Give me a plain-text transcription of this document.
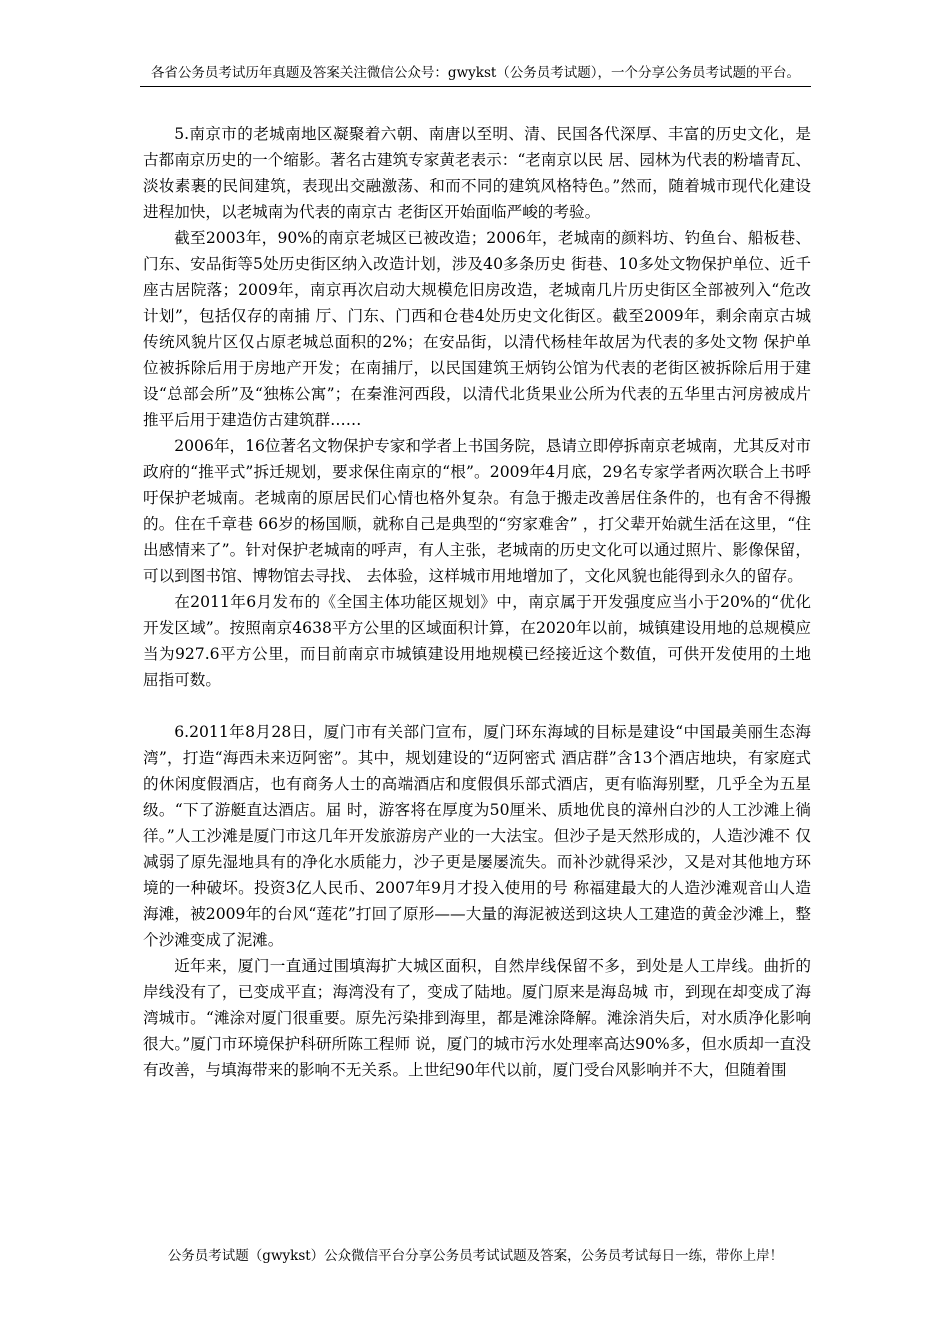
各省公务员考试历年真题及答案关注微信公众号：gwykst（公务员考试题），一个分享公务员考试题的平台。

5.南京市的老城南地区凝聚着六朝、南唐以至明、清、民国各代深厚、丰富的历史文化，是古都南京历史的一个缩影。著名古建筑专家黄老表示：“老南京以民 居、园林为代表的粉墙青瓦、淡妆素裹的民间建筑，表现出交融激荡、和而不同的建筑风格特色。”然而，随着城市现代化建设进程加快，以老城南为代表的南京古 老街区开始面临严峻的考验。

截至2003年，90%的南京老城区已被改造；2006年，老城南的颜料坊、钓鱼台、船板巷、门东、安品街等5处历史街区纳入改造计划，涉及40多条历史 街巷、10多处文物保护单位、近千座古居院落；2009年，南京再次启动大规模危旧房改造，老城南几片历史街区全部被列入“危改计划”，包括仅存的南捕 厅、门东、门西和仓巷4处历史文化街区。截至2009年，剩余南京古城传统风貌片区仅占原老城总面积的2%；在安品街，以清代杨桂年故居为代表的多处文物 保护单位被拆除后用于房地产开发；在南捕厅，以民国建筑王炳钧公馆为代表的老街区被拆除后用于建设“总部会所”及“独栋公寓”；在秦淮河西段，以清代北货果业公所为代表的五华里古河房被成片推平后用于建造仿古建筑群……

2006年，16位著名文物保护专家和学者上书国务院，恳请立即停拆南京老城南，尤其反对市政府的“推平式”拆迁规划，要求保住南京的“根”。2009年4月底，29名专家学者两次联合上书呼吁保护老城南。老城南的原居民们心情也格外复杂。有急于搬走改善居住条件的，也有舍不得搬的。住在千章巷 66岁的杨国顺，就称自己是典型的“穷家难舍” ，打父辈开始就生活在这里，“住出感情来了”。针对保护老城南的呼声，有人主张，老城南的历史文化可以通过照片、影像保留，可以到图书馆、博物馆去寻找、 去体验，这样城市用地增加了，文化风貌也能得到永久的留存。

在2011年6月发布的《全国主体功能区规划》中，南京属于开发强度应当小于20%的“优化开发区域”。按照南京4638平方公里的区域面积计算，在2020年以前，城镇建设用地的总规模应当为927.6平方公里，而目前南京市城镇建设用地规模已经接近这个数值，可供开发使用的土地屈指可数。

6.2011年8月28日，厦门市有关部门宣布，厦门环东海域的目标是建设“中国最美丽生态海湾”，打造“海西未来迈阿密”。其中，规划建设的“迈阿密式 酒店群”含13个酒店地块，有家庭式的休闲度假酒店，也有商务人士的高端酒店和度假俱乐部式酒店，更有临海别墅，几乎全为五星级。“下了游艇直达酒店。届 时，游客将在厚度为50厘米、质地优良的漳州白沙的人工沙滩上徜徉。”人工沙滩是厦门市这几年开发旅游房产业的一大法宝。但沙子是天然形成的，人造沙滩不 仅减弱了原先湿地具有的净化水质能力，沙子更是屡屡流失。而补沙就得采沙，又是对其他地方环境的一种破坏。投资3亿人民币、2007年9月才投入使用的号 称福建最大的人造沙滩观音山人造海滩，被2009年的台风“莲花”打回了原形——大量的海泥被送到这块人工建造的黄金沙滩上，整个沙滩变成了泥滩。

近年来，厦门一直通过围填海扩大城区面积，自然岸线保留不多，到处是人工岸线。曲折的岸线没有了，已变成平直；海湾没有了，变成了陆地。厦门原来是海岛城 市，到现在却变成了海湾城市。“滩涂对厦门很重要。原先污染排到海里，都是滩涂降解。滩涂消失后，对水质净化影响很大。”厦门市环境保护科研所陈工程师 说，厦门的城市污水处理率高达90%多，但水质却一直没有改善，与填海带来的影响不无关系。上世纪90年代以前，厦门受台风影响并不大，但随着围

公务员考试题（gwykst）公众微信平台分享公务员考试试题及答案，公务员考试每日一练，带你上岸！
